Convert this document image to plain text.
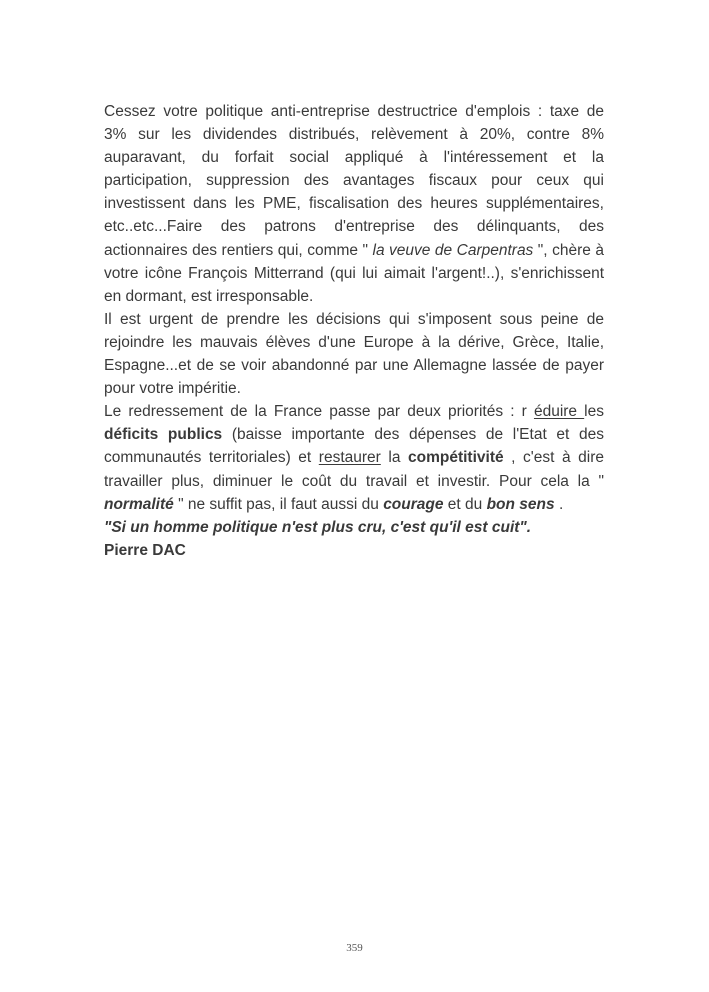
Cessez votre politique anti-entreprise destructrice d'emplois : taxe de 3% sur les dividendes distribués, relèvement à 20%, contre 8% auparavant, du forfait social appliqué à l'intéressement et la participation, suppression des avantages fiscaux pour ceux qui investissent dans les PME, fiscalisation des heures supplémentaires, etc..etc...Faire des patrons d'entreprise des délinquants, des actionnaires des rentiers qui, comme " la veuve de Carpentras ", chère à votre icône François Mitterrand (qui lui aimait l'argent!..), s'enrichissent en dormant, est irresponsable.

Il est urgent de prendre les décisions qui s'imposent sous peine de rejoindre les mauvais élèves d'une Europe à la dérive, Grèce, Italie, Espagne...et de se voir abandonné par une Allemagne lassée de payer pour votre impéritie.

Le redressement de la France passe par deux priorités : r éduire les déficits publics (baisse importante des dépenses de l'Etat et des communautés territoriales) et restaurer la compétitivité , c'est à dire travailler plus, diminuer le coût du travail et investir. Pour cela la " normalité " ne suffit pas, il faut aussi du courage et du bon sens .

"Si un homme politique n'est plus cru, c'est qu'il est cuit".
Pierre DAC
359
